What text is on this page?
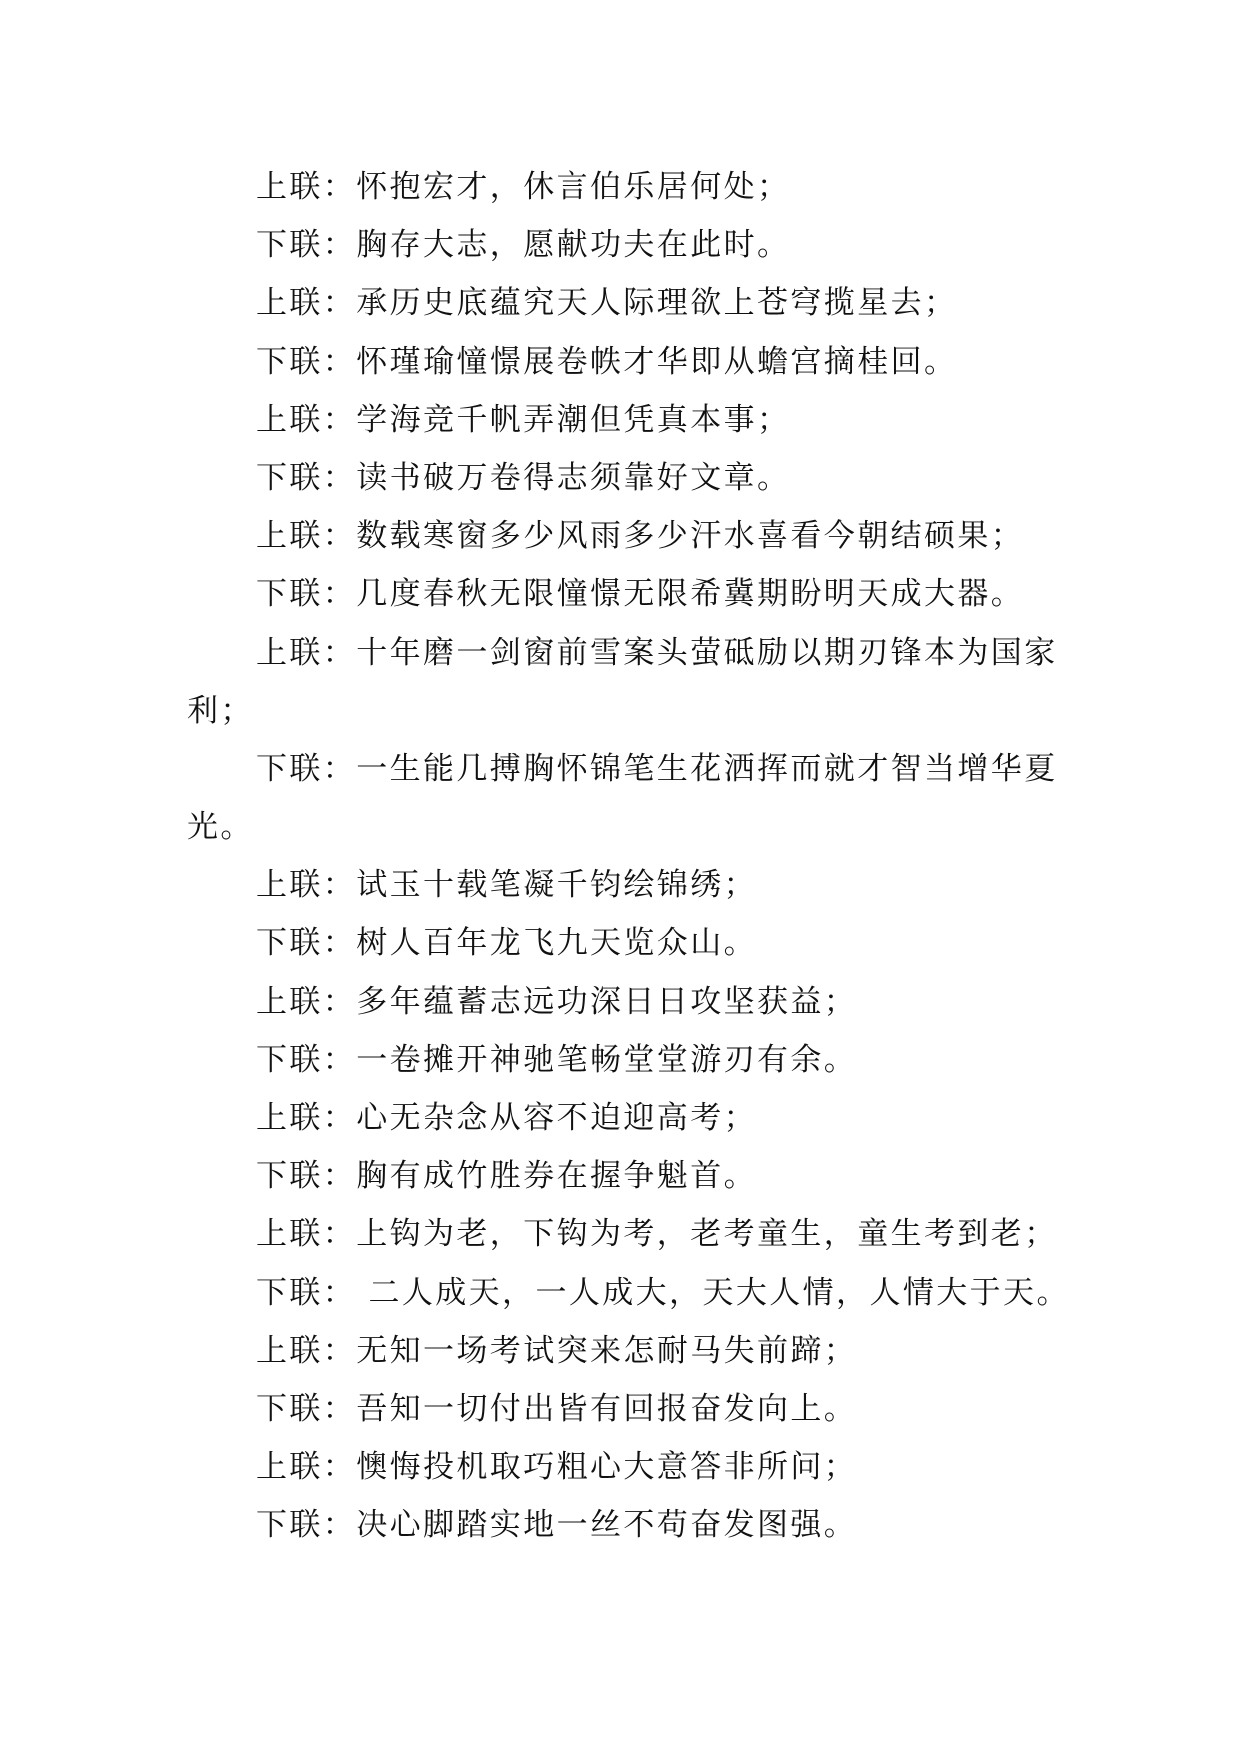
上联：怀抱宏才，休言伯乐居何处；
下联：胸存大志，愿献功夫在此时。
上联：承历史底蕴究天人际理欲上苍穹揽星去；
下联：怀瑾瑜憧憬展卷帙才华即从蟾宫摘桂回。
上联：学海竞千帆弄潮但凭真本事；
下联：读书破万卷得志须靠好文章。
上联：数载寒窗多少风雨多少汗水喜看今朝结硕果；
下联：几度春秋无限憧憬无限希冀期盼明天成大器。
上联：十年磨一剑窗前雪案头萤砥励以期刃锋本为国家
利；
下联：一生能几搏胸怀锦笔生花洒挥而就才智当增华夏
光。
上联：试玉十载笔凝千钧绘锦绣；
下联：树人百年龙飞九天览众山。
上联：多年蕴蓄志远功深日日攻坚获益；
下联：一卷摊开神驰笔畅堂堂游刃有余。
上联：心无杂念从容不迫迎高考；
下联：胸有成竹胜券在握争魁首。
上联：上钩为老，下钩为考，老考童生，童生考到老；
下联： 二人成天，一人成大，天大人情，人情大于天。
上联：无知一场考试突来怎耐马失前蹄；
下联：吾知一切付出皆有回报奋发向上。
上联：懊悔投机取巧粗心大意答非所问；
下联：决心脚踏实地一丝不苟奋发图强。
